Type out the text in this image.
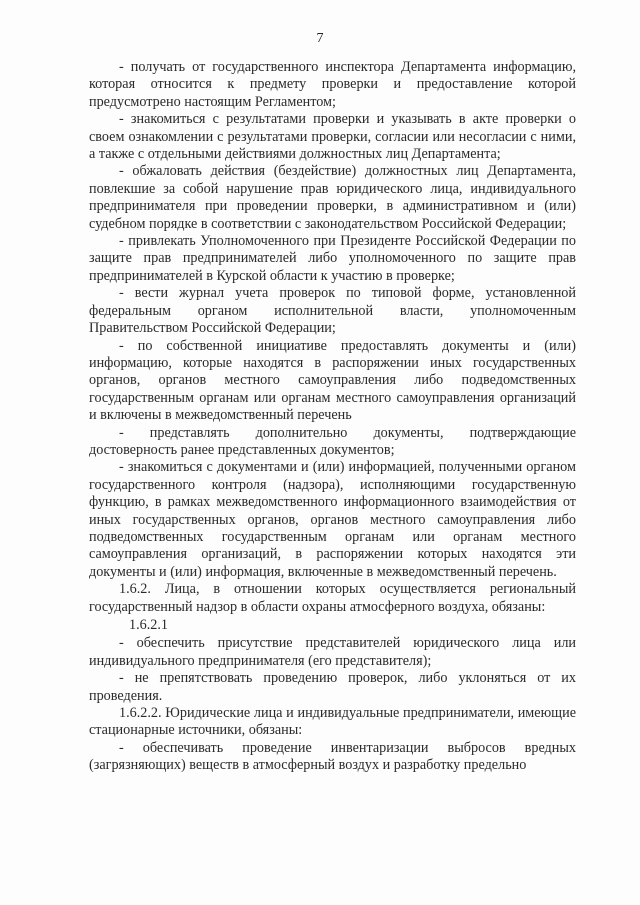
7

- получать от государственного инспектора Департамента информацию, которая относится к предмету проверки и предоставление которой предусмотрено настоящим Регламентом;

- знакомиться с результатами проверки и указывать в акте проверки о своем ознакомлении с результатами проверки, согласии или несогласии с ними, а также с отдельными действиями должностных лиц Департамента;

- обжаловать действия (бездействие) должностных лиц Департамента, повлекшие за собой нарушение прав юридического лица, индивидуального предпринимателя при проведении проверки, в административном и (или) судебном порядке в соответствии с законодательством Российской Федерации;

- привлекать Уполномоченного при Президенте Российской Федерации по защите прав предпринимателей либо уполномоченного по защите прав предпринимателей в Курской области к участию в проверке;

- вести журнал учета проверок по типовой форме, установленной федеральным органом исполнительной власти, уполномоченным Правительством Российской Федерации;

- по собственной инициативе предоставлять документы и (или) информацию, которые находятся в распоряжении иных государственных органов, органов местного самоуправления либо подведомственных государственным органам или органам местного самоуправления организаций и включены в межведомственный перечень

- представлять дополнительно документы, подтверждающие достоверность ранее представленных документов;

- знакомиться с документами и (или) информацией, полученными органом государственного контроля (надзора), исполняющими государственную функцию, в рамках межведомственного информационного взаимодействия от иных государственных органов, органов местного самоуправления либо подведомственных государственным органам или органам местного самоуправления организаций, в распоряжении которых находятся эти документы и (или) информация, включенные в межведомственный перечень.

1.6.2. Лица, в отношении которых осуществляется региональный государственный надзор в области охраны атмосферного воздуха, обязаны:

1.6.2.1

- обеспечить присутствие представителей юридического лица или индивидуального предпринимателя (его представителя);

- не препятствовать проведению проверок, либо уклоняться от их проведения.

1.6.2.2. Юридические лица и индивидуальные предприниматели, имеющие стационарные источники, обязаны:

- обеспечивать проведение инвентаризации выбросов вредных (загрязняющих) веществ в атмосферный воздух и разработку предельно
